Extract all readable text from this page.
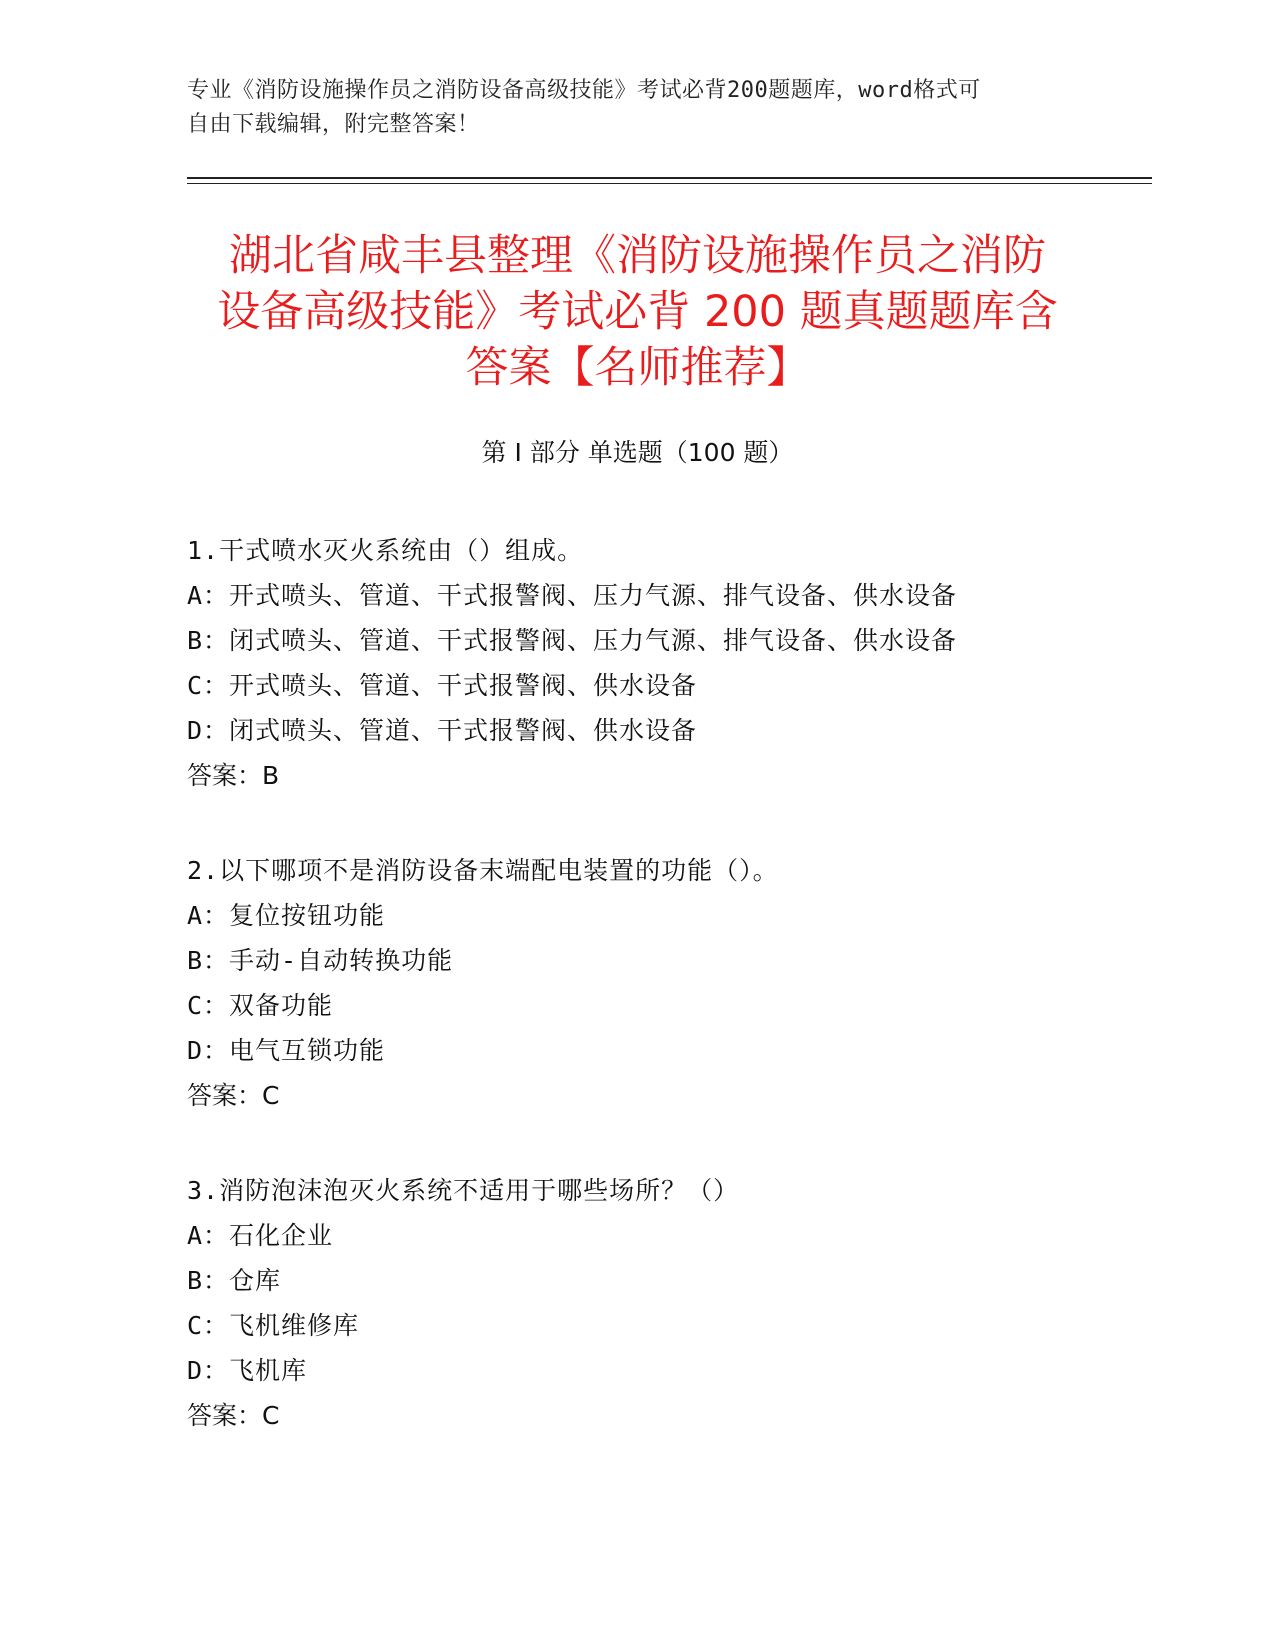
专业《消防设施操作员之消防设备高级技能》考试必背200题题库，word格式可
自由下载编辑，附完整答案！
湖北省咸丰县整理《消防设施操作员之消防
设备高级技能》考试必背 200 题真题题库含
答案【名师推荐】
第 I 部分 单选题（100 题）
1.干式喷水灭火系统由（）组成。
A：开式喷头、管道、干式报警阀、压力气源、排气设备、供水设备
B：闭式喷头、管道、干式报警阀、压力气源、排气设备、供水设备
C：开式喷头、管道、干式报警阀、供水设备
D：闭式喷头、管道、干式报警阀、供水设备
答案：B
2.以下哪项不是消防设备末端配电装置的功能（）。
A：复位按钮功能
B：手动-自动转换功能
C：双备功能
D：电气互锁功能
答案：C
3.消防泡沫泡灭火系统不适用于哪些场所？（）
A：石化企业
B：仓库
C：飞机维修库
D：飞机库
答案：C
